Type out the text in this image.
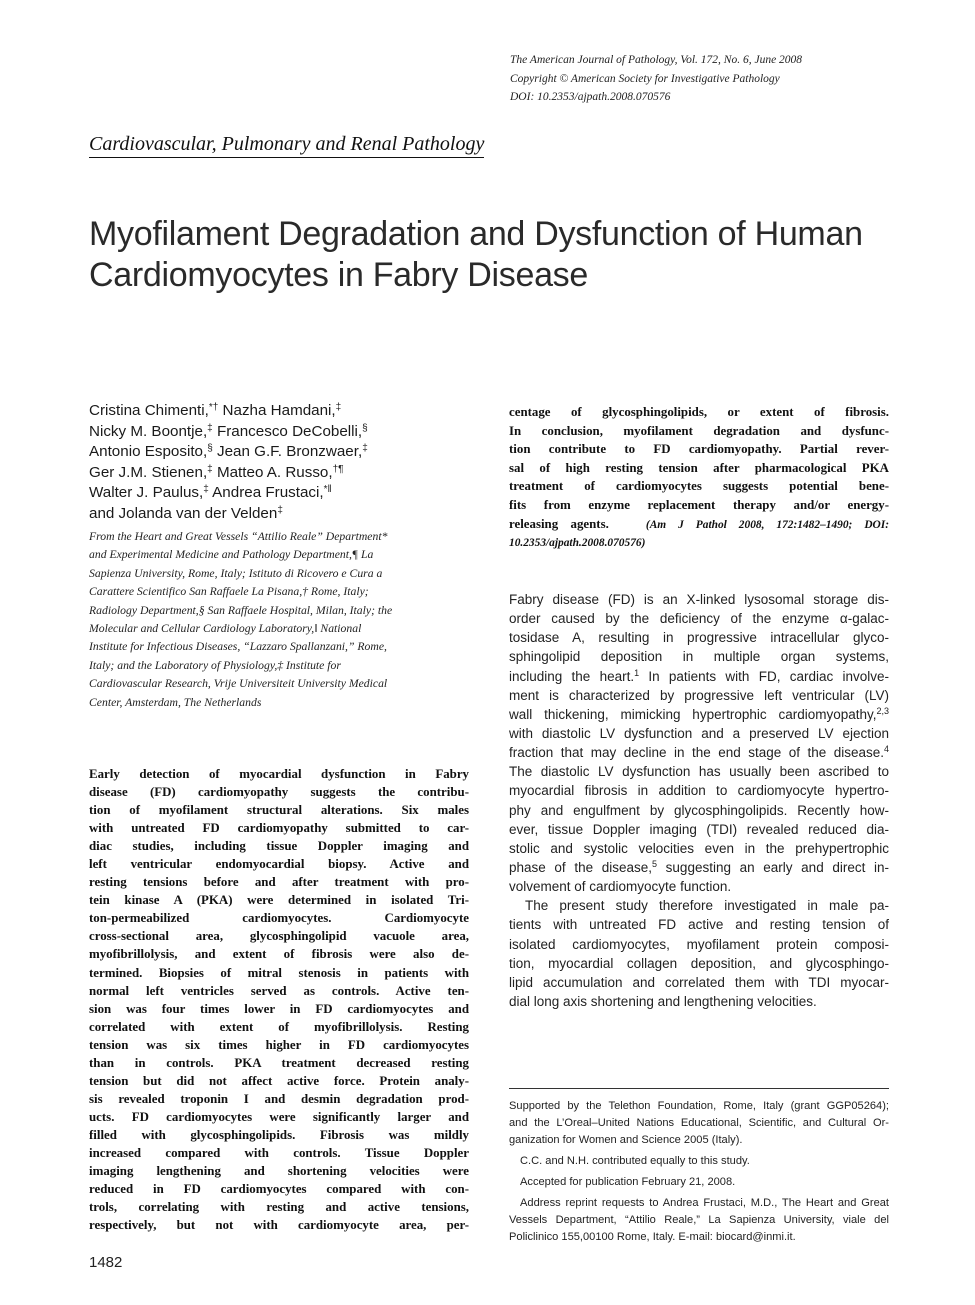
The American Journal of Pathology, Vol. 172, No. 6, June 2008
Copyright © American Society for Investigative Pathology
DOI: 10.2353/ajpath.2008.070576
Cardiovascular, Pulmonary and Renal Pathology
Myofilament Degradation and Dysfunction of Human Cardiomyocytes in Fabry Disease
Cristina Chimenti,*† Nazha Hamdani,‡
Nicky M. Boontje,‡ Francesco DeCobelli,§
Antonio Esposito,§ Jean G.F. Bronzwaer,‡
Ger J.M. Stienen,‡ Matteo A. Russo,†¶
Walter J. Paulus,‡ Andrea Frustaci,*‖
and Jolanda van der Velden‡
From the Heart and Great Vessels “Attilio Reale” Department*
and Experimental Medicine and Pathology Department,¶ La
Sapienza University, Rome, Italy; Istituto di Ricovero e Cura a
Carattere Scientifico San Raffaele La Pisana,† Rome, Italy;
Radiology Department,§ San Raffaele Hospital, Milan, Italy; the
Molecular and Cellular Cardiology Laboratory,‖ National
Institute for Infectious Diseases, “Lazzaro Spallanzani,” Rome,
Italy; and the Laboratory of Physiology,‡ Institute for
Cardiovascular Research, Vrije Universiteit University Medical
Center, Amsterdam, The Netherlands
Early detection of myocardial dysfunction in Fabry
disease (FD) cardiomyopathy suggests the contribu-
tion of myofilament structural alterations. Six males
with untreated FD cardiomyopathy submitted to car-
diac studies, including tissue Doppler imaging and
left ventricular endomyocardial biopsy. Active and
resting tensions before and after treatment with pro-
tein kinase A (PKA) were determined in isolated Tri-
ton-permeabilized cardiomyocytes. Cardiomyocyte
cross-sectional area, glycosphingolipid vacuole area,
myofibrillolysis, and extent of fibrosis were also de-
termined. Biopsies of mitral stenosis in patients with
normal left ventricles served as controls. Active ten-
sion was four times lower in FD cardiomyocytes and
correlated with extent of myofibrillolysis. Resting
tension was six times higher in FD cardiomyocytes
than in controls. PKA treatment decreased resting
tension but did not affect active force. Protein analy-
sis revealed troponin I and desmin degradation prod-
ucts. FD cardiomyocytes were significantly larger and
filled with glycosphingolipids. Fibrosis was mildly
increased compared with controls. Tissue Doppler
imaging lengthening and shortening velocities were
reduced in FD cardiomyocytes compared with con-
trols, correlating with resting and active tensions,
respectively, but not with cardiomyocyte area, per-
centage of glycosphingolipids, or extent of fibrosis.
In conclusion, myofilament degradation and dysfunc-
tion contribute to FD cardiomyopathy. Partial rever-
sal of high resting tension after pharmacological PKA
treatment of cardiomyocytes suggests potential bene-
fits from enzyme replacement therapy and/or energy-
releasing agents.	(Am J Pathol 2008, 172:1482–1490; DOI:
10.2353/ajpath.2008.070576)
Fabry disease (FD) is an X-linked lysosomal storage dis-
order caused by the deficiency of the enzyme α-galac-
tosidase A, resulting in progressive intracellular glyco-
sphingolipid deposition in multiple organ systems,
including the heart.$^1$ In patients with FD, cardiac involve-
ment is characterized by progressive left ventricular (LV)
wall thickening, mimicking hypertrophic cardiomyopathy,$^{2,3}$
with diastolic LV dysfunction and a preserved LV ejection
fraction that may decline in the end stage of the disease.$^4$
The diastolic LV dysfunction has usually been ascribed to
myocardial fibrosis in addition to cardiomyocyte hypertro-
phy and engulfment by glycosphingolipids. Recently how-
ever, tissue Doppler imaging (TDI) revealed reduced dia-
stolic and systolic velocities even in the prehypertrophic
phase of the disease,$^5$ suggesting an early and direct in-
volvement of cardiomyocyte function.
The present study therefore investigated in male pa-
tients with untreated FD active and resting tension of
isolated cardiomyocytes, myofilament protein composi-
tion, myocardial collagen deposition, and glycosphingo-
lipid accumulation and correlated them with TDI myocar-
dial long axis shortening and lengthening velocities.
Supported by the Telethon Foundation, Rome, Italy (grant GGP05264);
and the L’Oreal–United Nations Educational, Scientific, and Cultural Or-
ganization for Women and Science 2005 (Italy).
C.C. and N.H. contributed equally to this study.
Accepted for publication February 21, 2008.
Address reprint requests to Andrea Frustaci, M.D., The Heart and Great
Vessels Department, “Attilio Reale,” La Sapienza University, viale del
Policlinico 155,00100 Rome, Italy. E-mail: biocard@inmi.it.
1482
